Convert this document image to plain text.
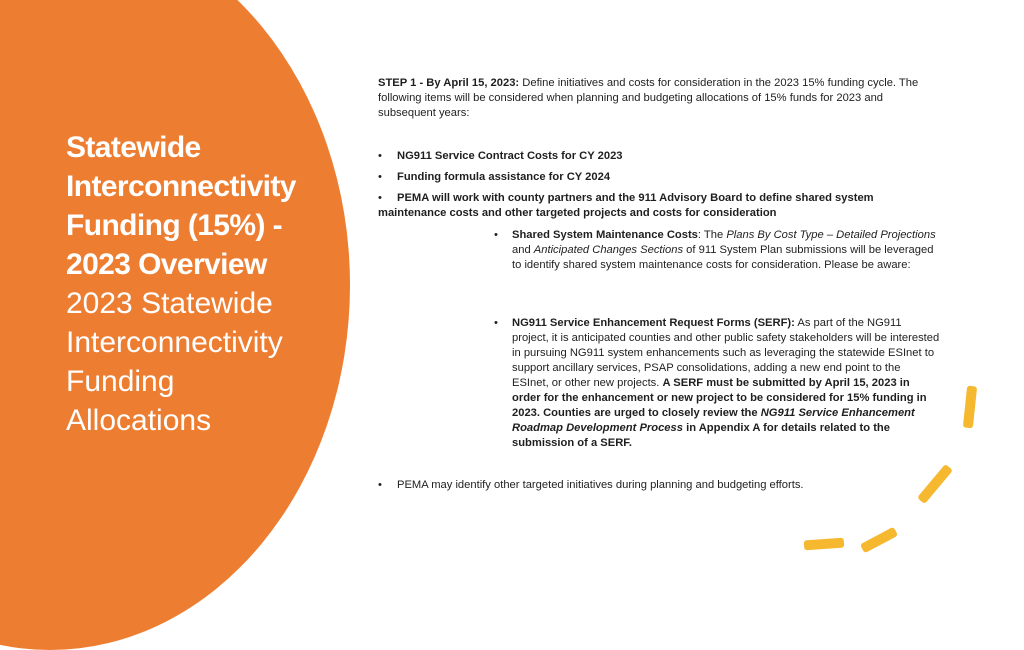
Statewide
Interconnectivity
Funding (15%) -
2023 Overview
2023 Statewide
Interconnectivity
Funding
Allocations
STEP 1 - By April 15, 2023: Define initiatives and costs for consideration in the 2023 15% funding cycle. The following items will be considered when planning and budgeting allocations of 15% funds for 2023 and subsequent years:
•	NG911 Service Contract Costs for CY 2023
•	Funding formula assistance for CY 2024
• PEMA will work with county partners and the 911 Advisory Board to define shared system maintenance costs and other targeted projects and costs for consideration
•	Shared System Maintenance Costs: The Plans By Cost Type – Detailed Projections and Anticipated Changes Sections of 911 System Plan submissions will be leveraged to identify shared system maintenance costs for consideration. Please be aware:
•	NG911 Service Enhancement Request Forms (SERF): As part of the NG911 project, it is anticipated counties and other public safety stakeholders will be interested in pursuing NG911 system enhancements such as leveraging the statewide ESInet to support ancillary services, PSAP consolidations, adding a new end point to the ESInet, or other new projects. A SERF must be submitted by April 15, 2023 in order for the enhancement or new project to be considered for 15% funding in 2023. Counties are urged to closely review the NG911 Service Enhancement Roadmap Development Process in Appendix A for details related to the submission of a SERF.
•	PEMA may identify other targeted initiatives during planning and budgeting efforts.
